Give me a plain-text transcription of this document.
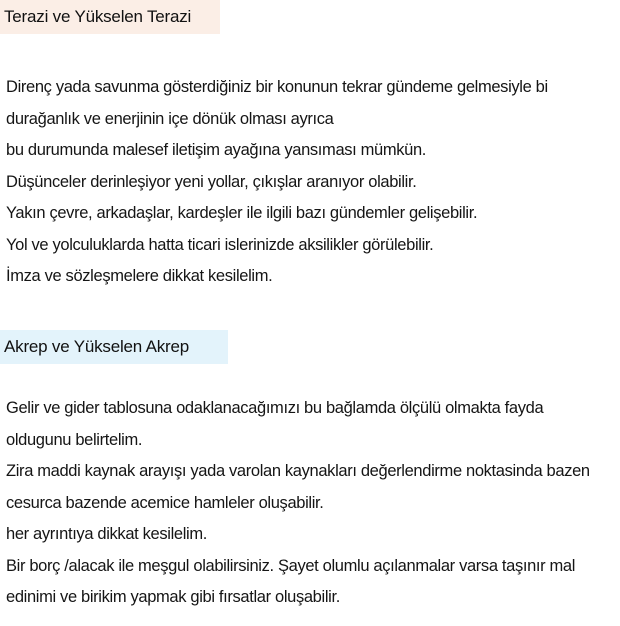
Terazi ve Yükselen Terazi
Direnç yada savunma gösterdiğiniz bir konunun tekrar gündeme gelmesiyle bi
durağanlık ve enerjinin içe dönük olması ayrıca
bu durumunda malesef iletişim ayağına yansıması mümkün.
Düşünceler derinleşiyor yeni yollar, çıkışlar aranıyor olabilir.
Yakın çevre, arkadaşlar, kardeşler ile ilgili bazı gündemler gelişebilir.
Yol ve yolculuklarda hatta ticari islerinizde aksilikler görülebilir.
İmza ve sözleşmelere dikkat kesilelim.
Akrep ve Yükselen Akrep
Gelir ve gider tablosuna odaklanacağımızı bu bağlamda ölçülü olmakta fayda
oldugunu belirtelim.
Zira maddi kaynak arayışı yada varolan kaynakları değerlendirme noktasinda bazen
cesurca bazende acemice hamleler oluşabilir.
her ayrıntıya dikkat kesilelim.
Bir borç /alacak ile meşgul olabilirsiniz. Şayet olumlu açılanmalar varsa taşınır mal
edinimi ve birikim yapmak gibi fırsatlar oluşabilir.
